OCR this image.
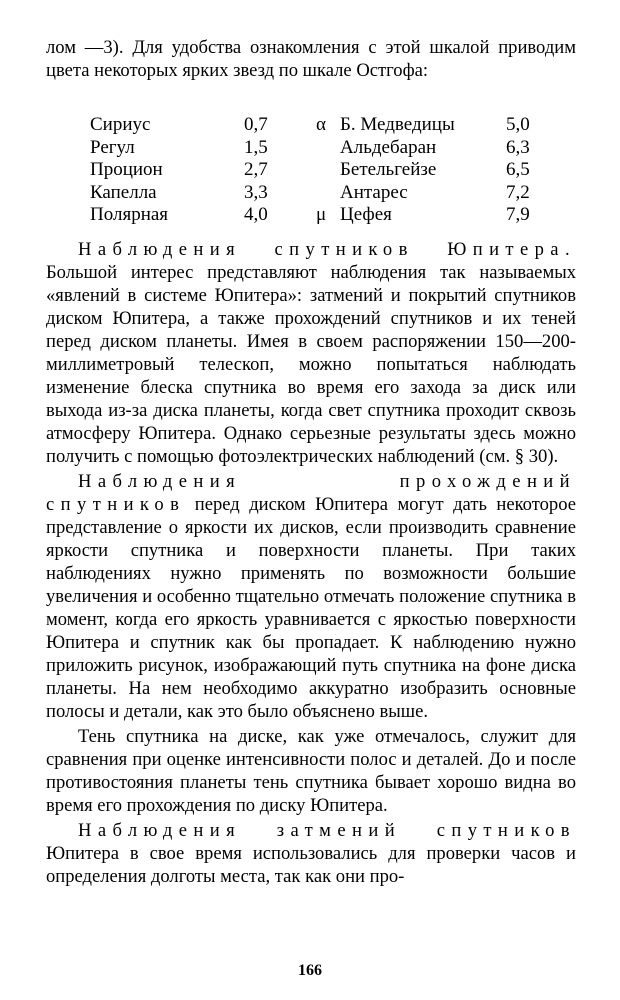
лом —3). Для удобства ознакомления с этой шкалой приводим цвета некоторых ярких звезд по шкале Остгофа:

Сириус
Регул
Процион
Капелла
Полярная
0,7
1,5
2,7
3,3
4,0
α
μ
Б. Медведицы
Альдебаран
Бетельгейзе
Антарес
Цефея
5,0
6,3
6,5
7,2
7,9

Наблюдения спутников Юпитера. Большой интерес представляют наблюдения так называемых «явлений в системе Юпитера»: затмений и покрытий спутников диском Юпитера, а также прохождений спутников и их теней перед диском планеты. Имея в своем распоряжении 150—200-миллиметровый телескоп, можно попытаться наблюдать изменение блеска спутника во время его захода за диск или выхода из-за диска планеты, когда свет спутника проходит сквозь атмосферу Юпитера. Однако серьезные результаты здесь можно получить с помощью фотоэлектрических наблюдений (см. § 30).

Наблюдения прохождений спутников перед диском Юпитера могут дать некоторое представление о яркости их дисков, если производить сравнение яркости спутника и поверхности планеты. При таких наблюдениях нужно применять по возможности большие увеличения и особенно тщательно отмечать положение спутника в момент, когда его яркость уравнивается с яркостью поверхности Юпитера и спутник как бы пропадает. К наблюдению нужно приложить рисунок, изображающий путь спутника на фоне диска планеты. На нем необходимо аккуратно изобразить основные полосы и детали, как это было объяснено выше.

Тень спутника на диске, как уже отмечалось, служит для сравнения при оценке интенсивности полос и деталей. До и после противостояния планеты тень спутника бывает хорошо видна во время его прохождения по диску Юпитера.

Наблюдения затмений спутников Юпитера в свое время использовались для проверки часов и определения долготы места, так как они про-

166
